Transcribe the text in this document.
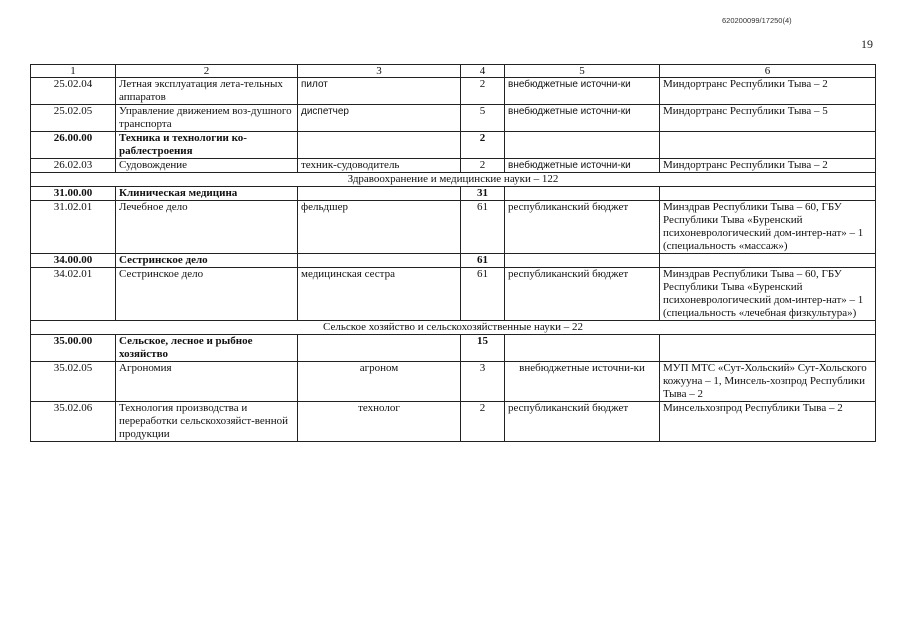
620200099/17250(4)
19
1	2	3	4	5	6
25.02.04	Летная эксплуатация лета-тельных аппаратов	пилот	2	внебюджетные источни-ки	Миндортранс Республики Тыва – 2
25.02.05	Управление движением воз-душного транспорта	диспетчер	5	внебюджетные источни-ки	Миндортранс Республики Тыва – 5
26.00.00	Техника и технологии ко-раблестроения		2		
26.02.03	Судовождение	техник-судоводитель	2	внебюджетные источни-ки	Миндортранс Республики Тыва – 2
Здравоохранение и медицинские науки – 122					
31.00.00	Клиническая медицина		31		
31.02.01	Лечебное дело	фельдшер	61	республиканский бюджет	Минздрав Республики Тыва – 60, ГБУ Республики Тыва «Буренский психоневрологический дом-интер-нат» – 1 (специальность «массаж»)
34.00.00	Сестринское дело		61		
34.02.01	Сестринское дело	медицинская сестра	61	республиканский бюджет	Минздрав Республики Тыва – 60, ГБУ Республики Тыва «Буренский психоневрологический дом-интер-нат» – 1 (специальность «лечебная физкультура»)
Сельское хозяйство и сельскохозяйственные науки – 22					
35.00.00	Сельское, лесное и рыбное хозяйство		15		
35.02.05	Агрономия	агроном	3	внебюджетные источни-ки	МУП МТС «Сут-Хольский» Сут-Хольского кожууна – 1, Минсель-хозпрод Республики Тыва – 2
35.02.06	Технология производства и переработки сельскохозяйст-венной продукции	технолог	2	республиканский бюджет	Минсельхозпрод Республики Тыва – 2
